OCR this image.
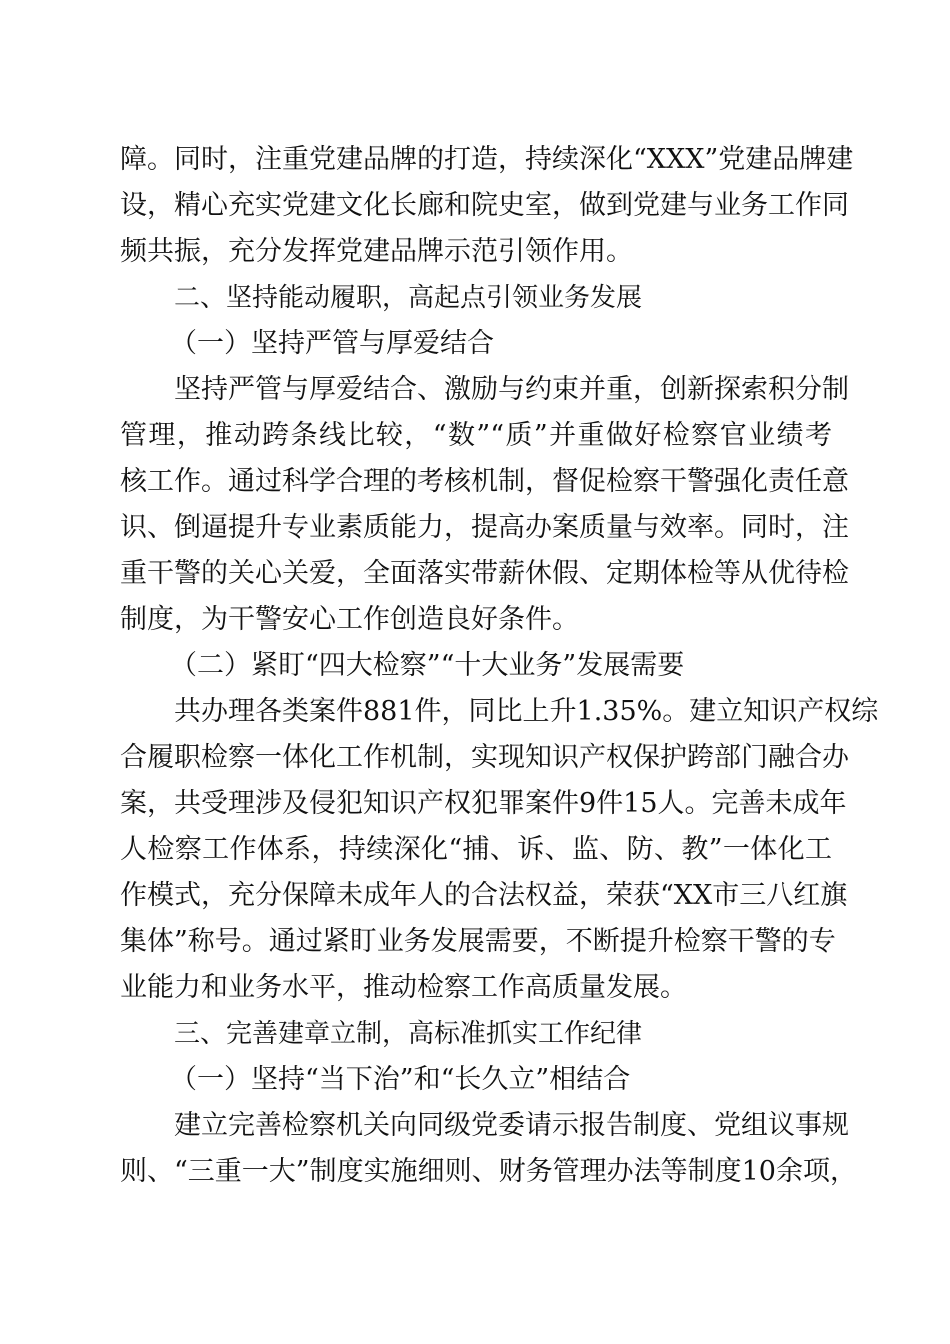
障。同时，注重党建品牌的打造，持续深化“XXX”党建品牌建
设，精心充实党建文化长廊和院史室，做到党建与业务工作同
频共振，充分发挥党建品牌示范引领作用。
二、坚持能动履职，高起点引领业务发展
（一）坚持严管与厚爱结合
坚持严管与厚爱结合、激励与约束并重，创新探索积分制
管理，推动跨条线比较，“数”“质”并重做好检察官业绩考
核工作。通过科学合理的考核机制，督促检察干警强化责任意
识、倒逼提升专业素质能力，提高办案质量与效率。同时，注
重干警的关心关爱，全面落实带薪休假、定期体检等从优待检
制度，为干警安心工作创造良好条件。
（二）紧盯“四大检察”“十大业务”发展需要
共办理各类案件881件，同比上升1.35%。建立知识产权综
合履职检察一体化工作机制，实现知识产权保护跨部门融合办
案，共受理涉及侵犯知识产权犯罪案件9件15人。完善未成年
人检察工作体系，持续深化“捕、诉、监、防、教”一体化工
作模式，充分保障未成年人的合法权益，荣获“XX市三八红旗
集体”称号。通过紧盯业务发展需要，不断提升检察干警的专
业能力和业务水平，推动检察工作高质量发展。
三、完善建章立制，高标准抓实工作纪律
（一）坚持“当下治”和“长久立”相结合
建立完善检察机关向同级党委请示报告制度、党组议事规
则、“三重一大”制度实施细则、财务管理办法等制度10余项，
